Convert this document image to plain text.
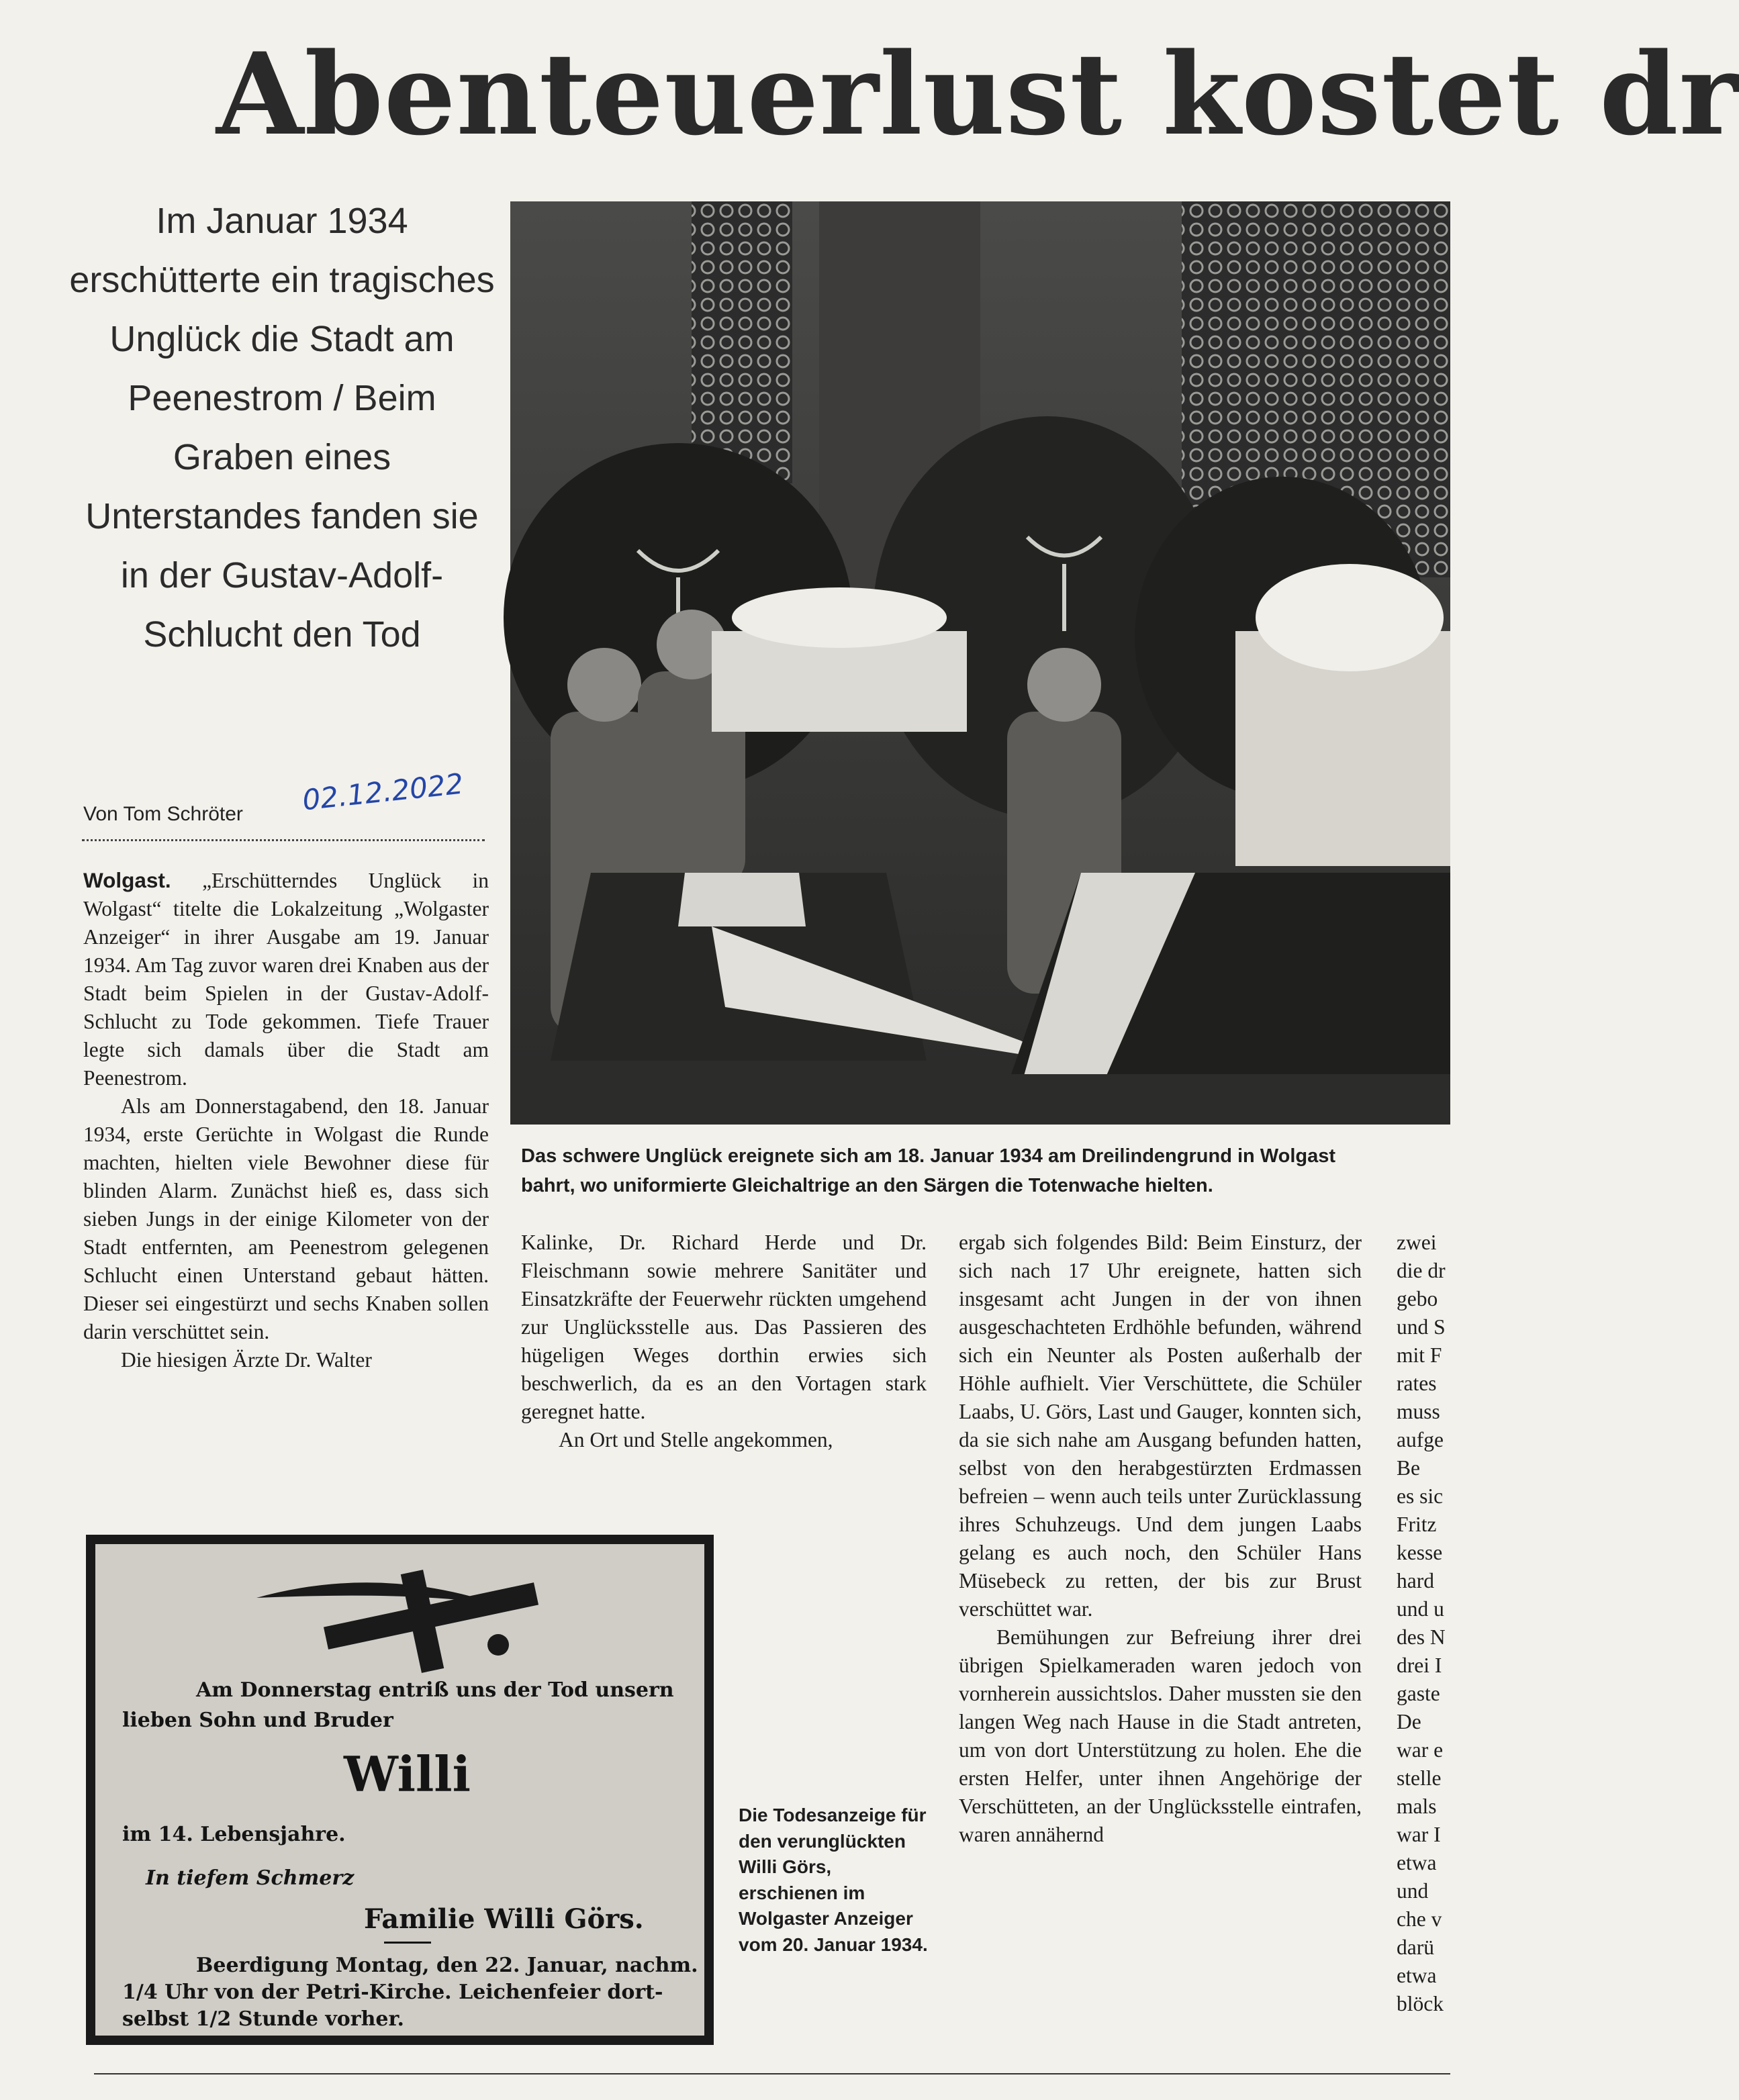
Abenteuerlust kostet dr
Im Januar 1934 erschütterte ein tragisches Unglück die Stadt am Peenestrom / Beim Graben eines Unterstandes fanden sie in der Gustav-Adolf-Schlucht den Tod
Von Tom Schröter	02.12.2022

Wolgast. „Erschütterndes Unglück in Wolgast“ titelte die Lokalzeitung „Wolgaster Anzeiger“ in ihrer Ausgabe am 19. Januar 1934. Am Tag zuvor waren drei Knaben aus der Stadt beim Spielen in der Gustav-Adolf-Schlucht zu Tode gekommen. Tiefe Trauer legte sich damals über die Stadt am Peenestrom.

Als am Donnerstagabend, den 18. Januar 1934, erste Gerüchte in Wolgast die Runde machten, hielten viele Bewohner diese für blinden Alarm. Zunächst hieß es, dass sich sieben Jungs in der einige Kilometer von der Stadt entfernten, am Peenestrom gelegenen Schlucht einen Unterstand gebaut hätten. Dieser sei eingestürzt und sechs Knaben sollen darin verschüttet sein.

Die hiesigen Ärzte Dr. Walter

Das schwere Unglück ereignete sich am 18. Januar 1934 am Dreilindengrund in Wolgast
bahrt, wo uniformierte Gleichaltrige an den Särgen die Totenwache hielten.

Kalinke, Dr. Richard Herde und Dr. Fleischmann sowie mehrere Sanitäter und Einsatzkräfte der Feuerwehr rückten umgehend zur Unglücksstelle aus. Das Passieren des hügeligen Weges dorthin erwies sich beschwerlich, da es an den Vortagen stark geregnet hatte.

An Ort und Stelle angekommen,

ergab sich folgendes Bild: Beim Einsturz, der sich nach 17 Uhr ereignete, hatten sich insgesamt acht Jungen in der von ihnen ausgeschachteten Erdhöhle befunden, während sich ein Neunter als Posten außerhalb der Höhle aufhielt. Vier Verschüttete, die Schüler Laabs, U. Görs, Last und Gauger, konnten sich, da sie sich nahe am Ausgang befunden hatten, selbst von den herabgestürzten Erdmassen befreien – wenn auch teils unter Zurücklassung ihres Schuhzeugs. Und dem jungen Laabs gelang es auch noch, den Schüler Hans Müsebeck zu retten, der bis zur Brust verschüttet war.

Bemühungen zur Befreiung ihrer drei übrigen Spielkameraden waren jedoch von vornherein aussichtslos. Daher mussten sie den langen Weg nach Hause in die Stadt antreten, um von dort Unterstützung zu holen. Ehe die ersten Helfer, unter ihnen Angehörige der Verschütteten, an der Unglücksstelle eintrafen, waren annähernd

zwei
die dr
gebo
und S
mit F
rates
muss
aufge
Be
es sic
Fritz
kesse
hard
und u
des N
drei I
gaste
De
war e
stelle
mals
war I
etwa
und
che v
darü
etwa
blöck
Am Donnerstag entriß uns der Tod unsern
lieben Sohn und Bruder
Willi
im 14. Lebensjahre.
In tiefem Schmerz
Familie Willi Görs.
Beerdigung Montag, den 22. Januar, nachm.
1/4 Uhr von der Petri-Kirche. Leichenfeier dort-
selbst 1/2 Stunde vorher.
Die Todesanzeige für den verunglückten Willi Görs, erschienen im Wolgaster Anzeiger vom 20. Januar 1934.
